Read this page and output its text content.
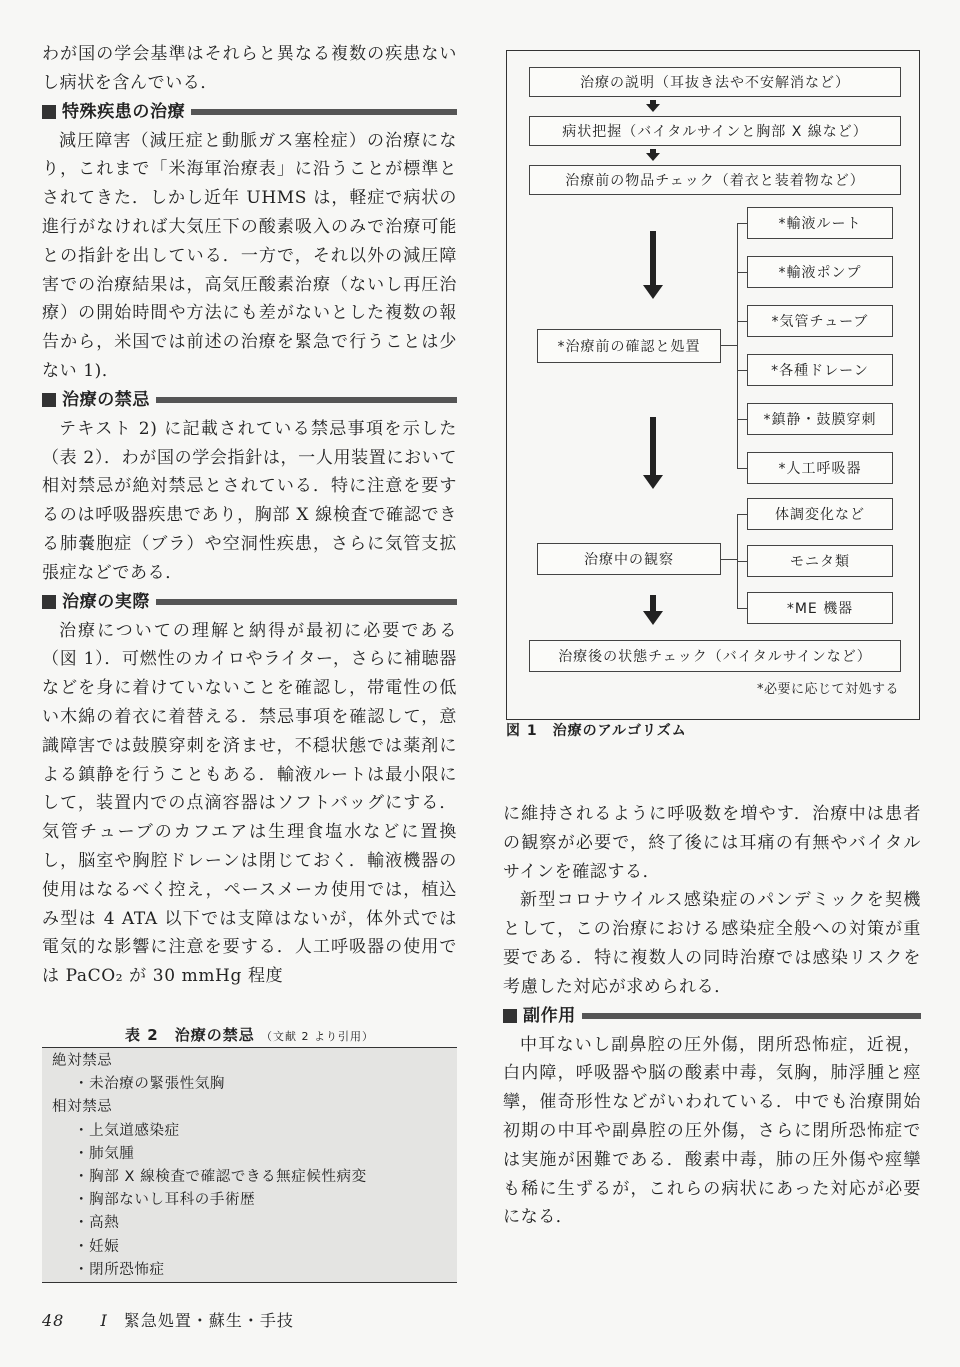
わが国の学会基準はそれらと異なる複数の疾患ないし病状を含んでいる．

特殊疾患の治療

減圧障害（減圧症と動脈ガス塞栓症）の治療になり，これまで「米海軍治療表」に沿うことが標準とされてきた．しかし近年 UHMS は，軽症で病状の進行がなければ大気圧下の酸素吸入のみで治療可能との指針を出している．一方で，それ以外の減圧障害での治療結果は，高気圧酸素治療（ないし再圧治療）の開始時間や方法にも差がないとした複数の報告から，米国では前述の治療を緊急で行うことは少ない 1)．

治療の禁忌

テキスト 2) に記載されている禁忌事項を示した（表 2）．わが国の学会指針は，一人用装置において相対禁忌が絶対禁忌とされている．特に注意を要するのは呼吸器疾患であり，胸部 X 線検査で確認できる肺嚢胞症（ブラ）や空洞性疾患，さらに気管支拡張症などである．

治療の実際

治療についての理解と納得が最初に必要である（図 1）．可燃性のカイロやライター，さらに補聴器などを身に着けていないことを確認し，帯電性の低い木綿の着衣に着替える．禁忌事項を確認して，意識障害では鼓膜穿刺を済ませ，不穏状態では薬剤による鎮静を行うこともある．輸液ルートは最小限にして，装置内での点滴容器はソフトバッグにする．気管チューブのカフエアは生理食塩水などに置換し，脳室や胸腔ドレーンは閉じておく．輸液機器の使用はなるべく控え，ペースメーカ使用では，植込み型は 4 ATA 以下では支障はないが，体外式では電気的な影響に注意を要する．人工呼吸器の使用では PaCO₂ が 30 mmHg 程度

治療の説明（耳抜き法や不安解消など）
病状把握（バイタルサインと胸部 X 線など）
治療前の物品チェック（着衣と装着物など）
*治療前の確認と処置
*輸液ルート
*輸液ポンプ
*気管チューブ
*各種ドレーン
*鎮静・鼓膜穿刺
*人工呼吸器
治療中の観察
体調変化など
モニタ類
*ME 機器
治療後の状態チェック（バイタルサインなど）
*必要に応じて対処する
図 1　治療のアルゴリズム

に維持されるように呼吸数を増やす．治療中は患者の観察が必要で，終了後には耳痛の有無やバイタルサインを確認する．

新型コロナウイルス感染症のパンデミックを契機として，この治療における感染症全般への対策が重要である．特に複数人の同時治療では感染リスクを考慮した対応が求められる．

副作用

中耳ないし副鼻腔の圧外傷，閉所恐怖症，近視，白内障，呼吸器や脳の酸素中毒，気胸，肺浮腫と痙攣，催奇形性などがいわれている．中でも治療開始初期の中耳や副鼻腔の圧外傷，さらに閉所恐怖症では実施が困難である．酸素中毒，肺の圧外傷や痙攣も稀に生ずるが，これらの病状にあった対応が必要になる．

表 2　治療の禁忌 （文献 2 より引用）
絶対禁忌
・未治療の緊張性気胸
相対禁忌
・上気道感染症
・肺気腫
・胸部 X 線検査で確認できる無症候性病変
・胸部ないし耳科の手術歴
・高熱
・妊娠
・閉所恐怖症
48 I 緊急処置・蘇生・手技
